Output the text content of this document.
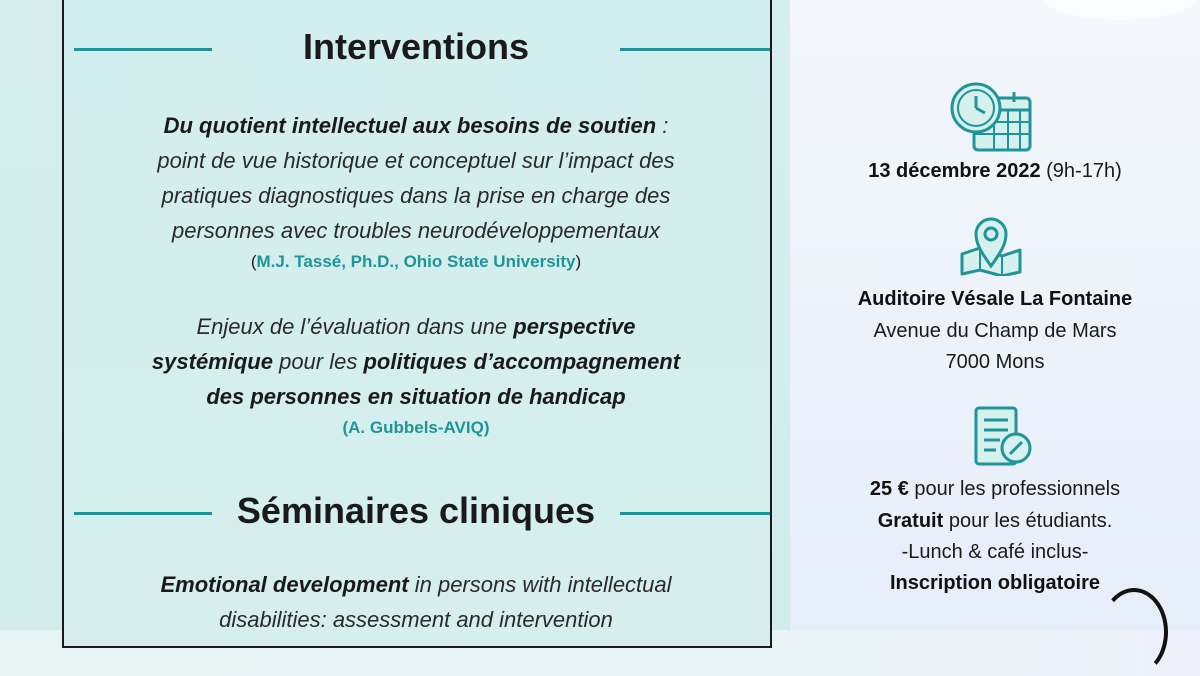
Interventions
Du quotient intellectuel aux besoins de soutien :
point de vue historique et conceptuel sur l’impact des
pratiques diagnostiques dans la prise en charge des
personnes avec troubles neurodéveloppementaux
(M.J. Tassé, Ph.D., Ohio State University)
Enjeux de l’évaluation dans une perspective
systémique pour les politiques d’accompagnement
des personnes en situation de handicap
(A. Gubbels-AVIQ)
Séminaires cliniques
Emotional development in persons with intellectual
disabilities: assessment and intervention
13 décembre 2022 (9h-17h)
Auditoire Vésale La Fontaine
Avenue du Champ de Mars
7000 Mons
25 € pour les professionnels
Gratuit pour les étudiants.
-Lunch & café inclus-
Inscription obligatoire
